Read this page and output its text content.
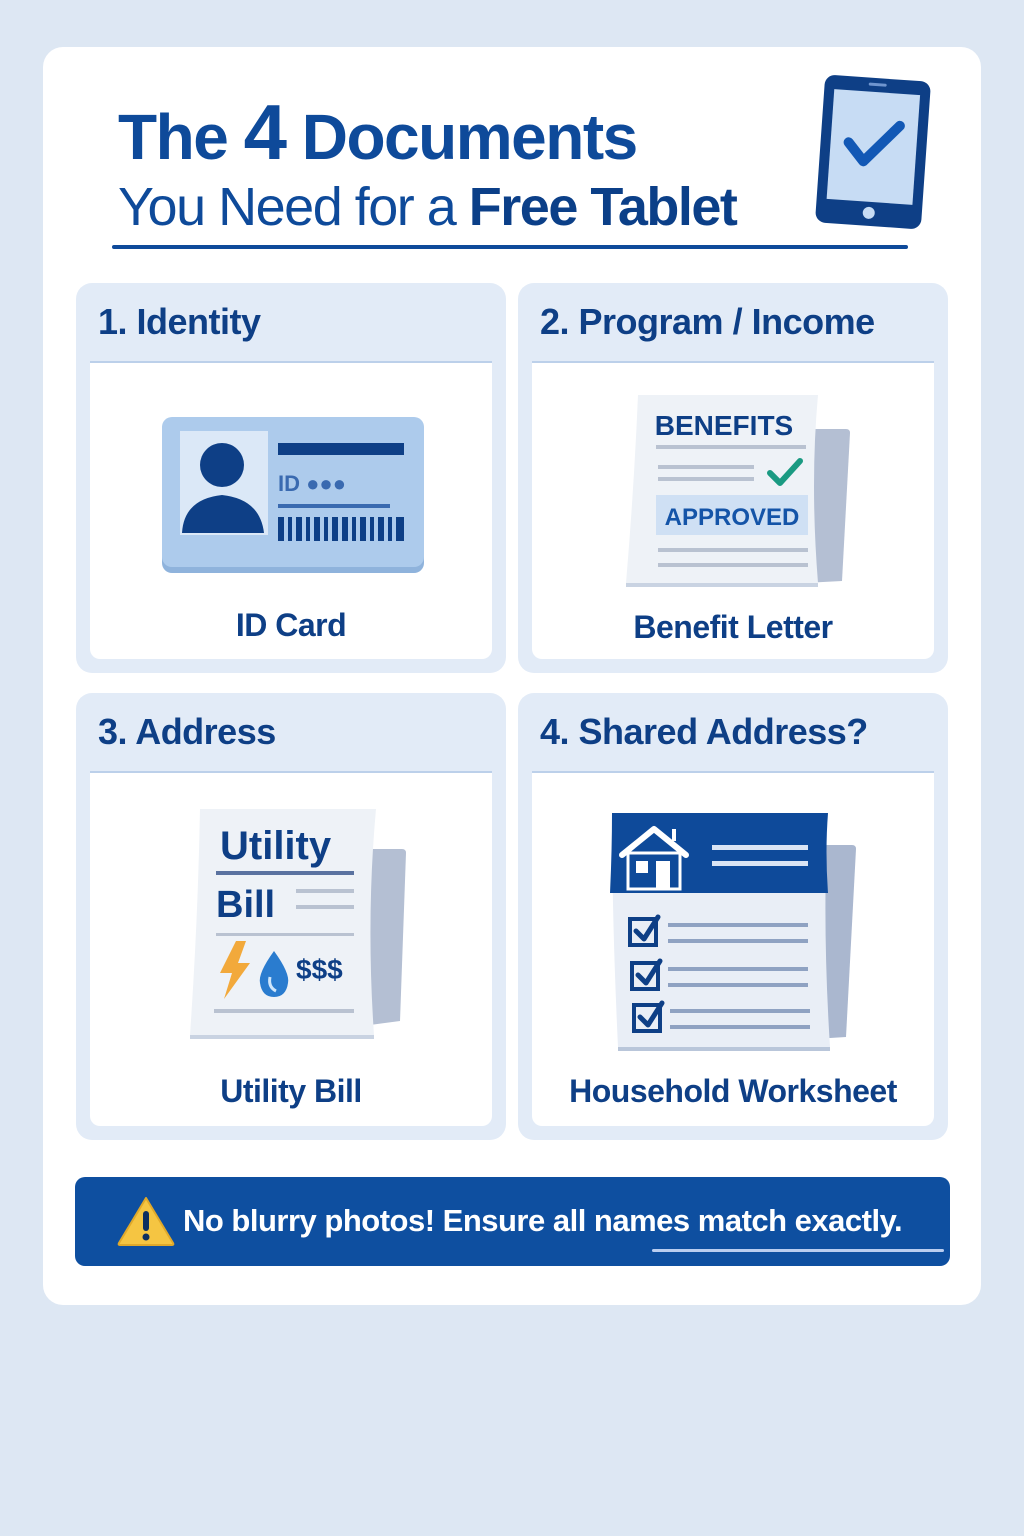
The 4 Documents
You Need for a Free Tablet
1. Identity
ID ●●●
ID Card
2. Program / Income
BENEFITS
APPROVED
Benefit Letter
3. Address
Utility
Bill
$$$
Utility Bill
4. Shared Address?
Household Worksheet
No blurry photos! Ensure all names match exactly.
